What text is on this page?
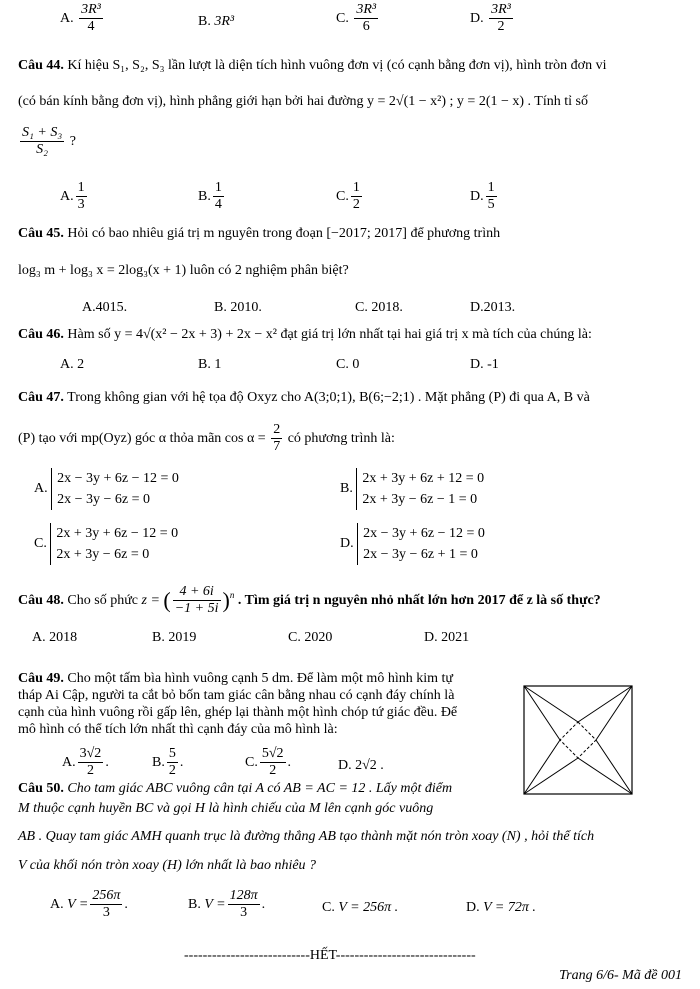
A. $\frac{\text{3R³}}{4}$	B. 3R³	C. $\frac{\text{3R³}}{6}$	D. $\frac{\text{3R³}}{2}$
Câu 44. Kí hiệu S₁, S₂, S₃ lần lượt là diện tích hình vuông đơn vị (có cạnh bằng đơn vị), hình tròn đơn vi
(có bán kính bằng đơn vị), hình phẳng giới hạn bởi hai đường y = 2√(1 − x²) ; y = 2(1 − x) . Tính tỉ số
$\frac{\text{S₁ + S₃}}{\text{S₂}}$ ?
A. $\frac{1}{3}$	B. $\frac{1}{4}$	C. $\frac{1}{2}$	D. $\frac{1}{5}$
Câu 45. Hỏi có bao nhiêu giá trị m nguyên trong đoạn [−2017; 2017] để phương trình
log₃ m + log₃ x = 2log₃(x + 1) luôn có 2 nghiệm phân biệt?
A.4015.	B. 2010.	C. 2018.	D.2013.
Câu 46. Hàm số y = 4√(x² − 2x + 3) + 2x − x² đạt giá trị lớn nhất tại hai giá trị x mà tích của chúng là:
A. 2	B. 1	C. 0	D. -1
Câu 47. Trong không gian với hệ tọa độ Oxyz cho A(3;0;1), B(6;−2;1) . Mặt phẳng (P) đi qua A, B và
(P) tạo với mp(Oyz) góc α thỏa mãn $\cos \alpha = \frac{2}{7}$ có phương trình là:
A.
2x − 3y + 6z − 12 = 0
2x − 3y − 6z = 0
B.
2x + 3y + 6z + 12 = 0
2x + 3y − 6z − 1 = 0
C.
2x + 3y + 6z − 12 = 0
2x + 3y − 6z = 0
D.
2x − 3y + 6z − 12 = 0
2x − 3y − 6z + 1 = 0
Câu 48. Cho số phức z = ( $\frac{4 + 6i}{-1 + 5i} )^n$ . Tìm giá trị n nguyên nhỏ nhất lớn hơn 2017 để z là số thực?
A. 2018	B. 2019	C. 2020	D. 2021
Câu 49. Cho một tấm bìa hình vuông cạnh 5 dm. Để làm một mô hình kim tự
tháp Ai Cập, người ta cắt bỏ bốn tam giác cân bằng nhau có cạnh đáy chính là
cạnh của hình vuông rồi gấp lên, ghép lại thành một hình chóp tứ giác đều. Để
mô hình có thể tích lớn nhất thì cạnh đáy của mô hình là:
A. $\frac{3√2}{2}$ .	B. $\frac{5}{2}$ .	C. $\frac{5√2}{2}$ .	D. 2√2 .
Câu 50. Cho tam giác ABC vuông cân tại A có AB = AC = 12 . Lấy một điểm
M thuộc cạnh huyền BC và gọi H là hình chiếu của M lên cạnh góc vuông
AB . Quay tam giác AMH quanh trục là đường thẳng AB tạo thành mặt nón tròn xoay (N) , hỏi thể tích
V của khối nón tròn xoay (H) lớn nhất là bao nhiêu ?
A. $V = \frac{256\pi}{3}$ .	B. $V = \frac{128\pi}{3}$ .	C. V = 256π .	D. V = 72π .
---------------------------HẾT------------------------------
Trang 6/6- Mã đề 001
